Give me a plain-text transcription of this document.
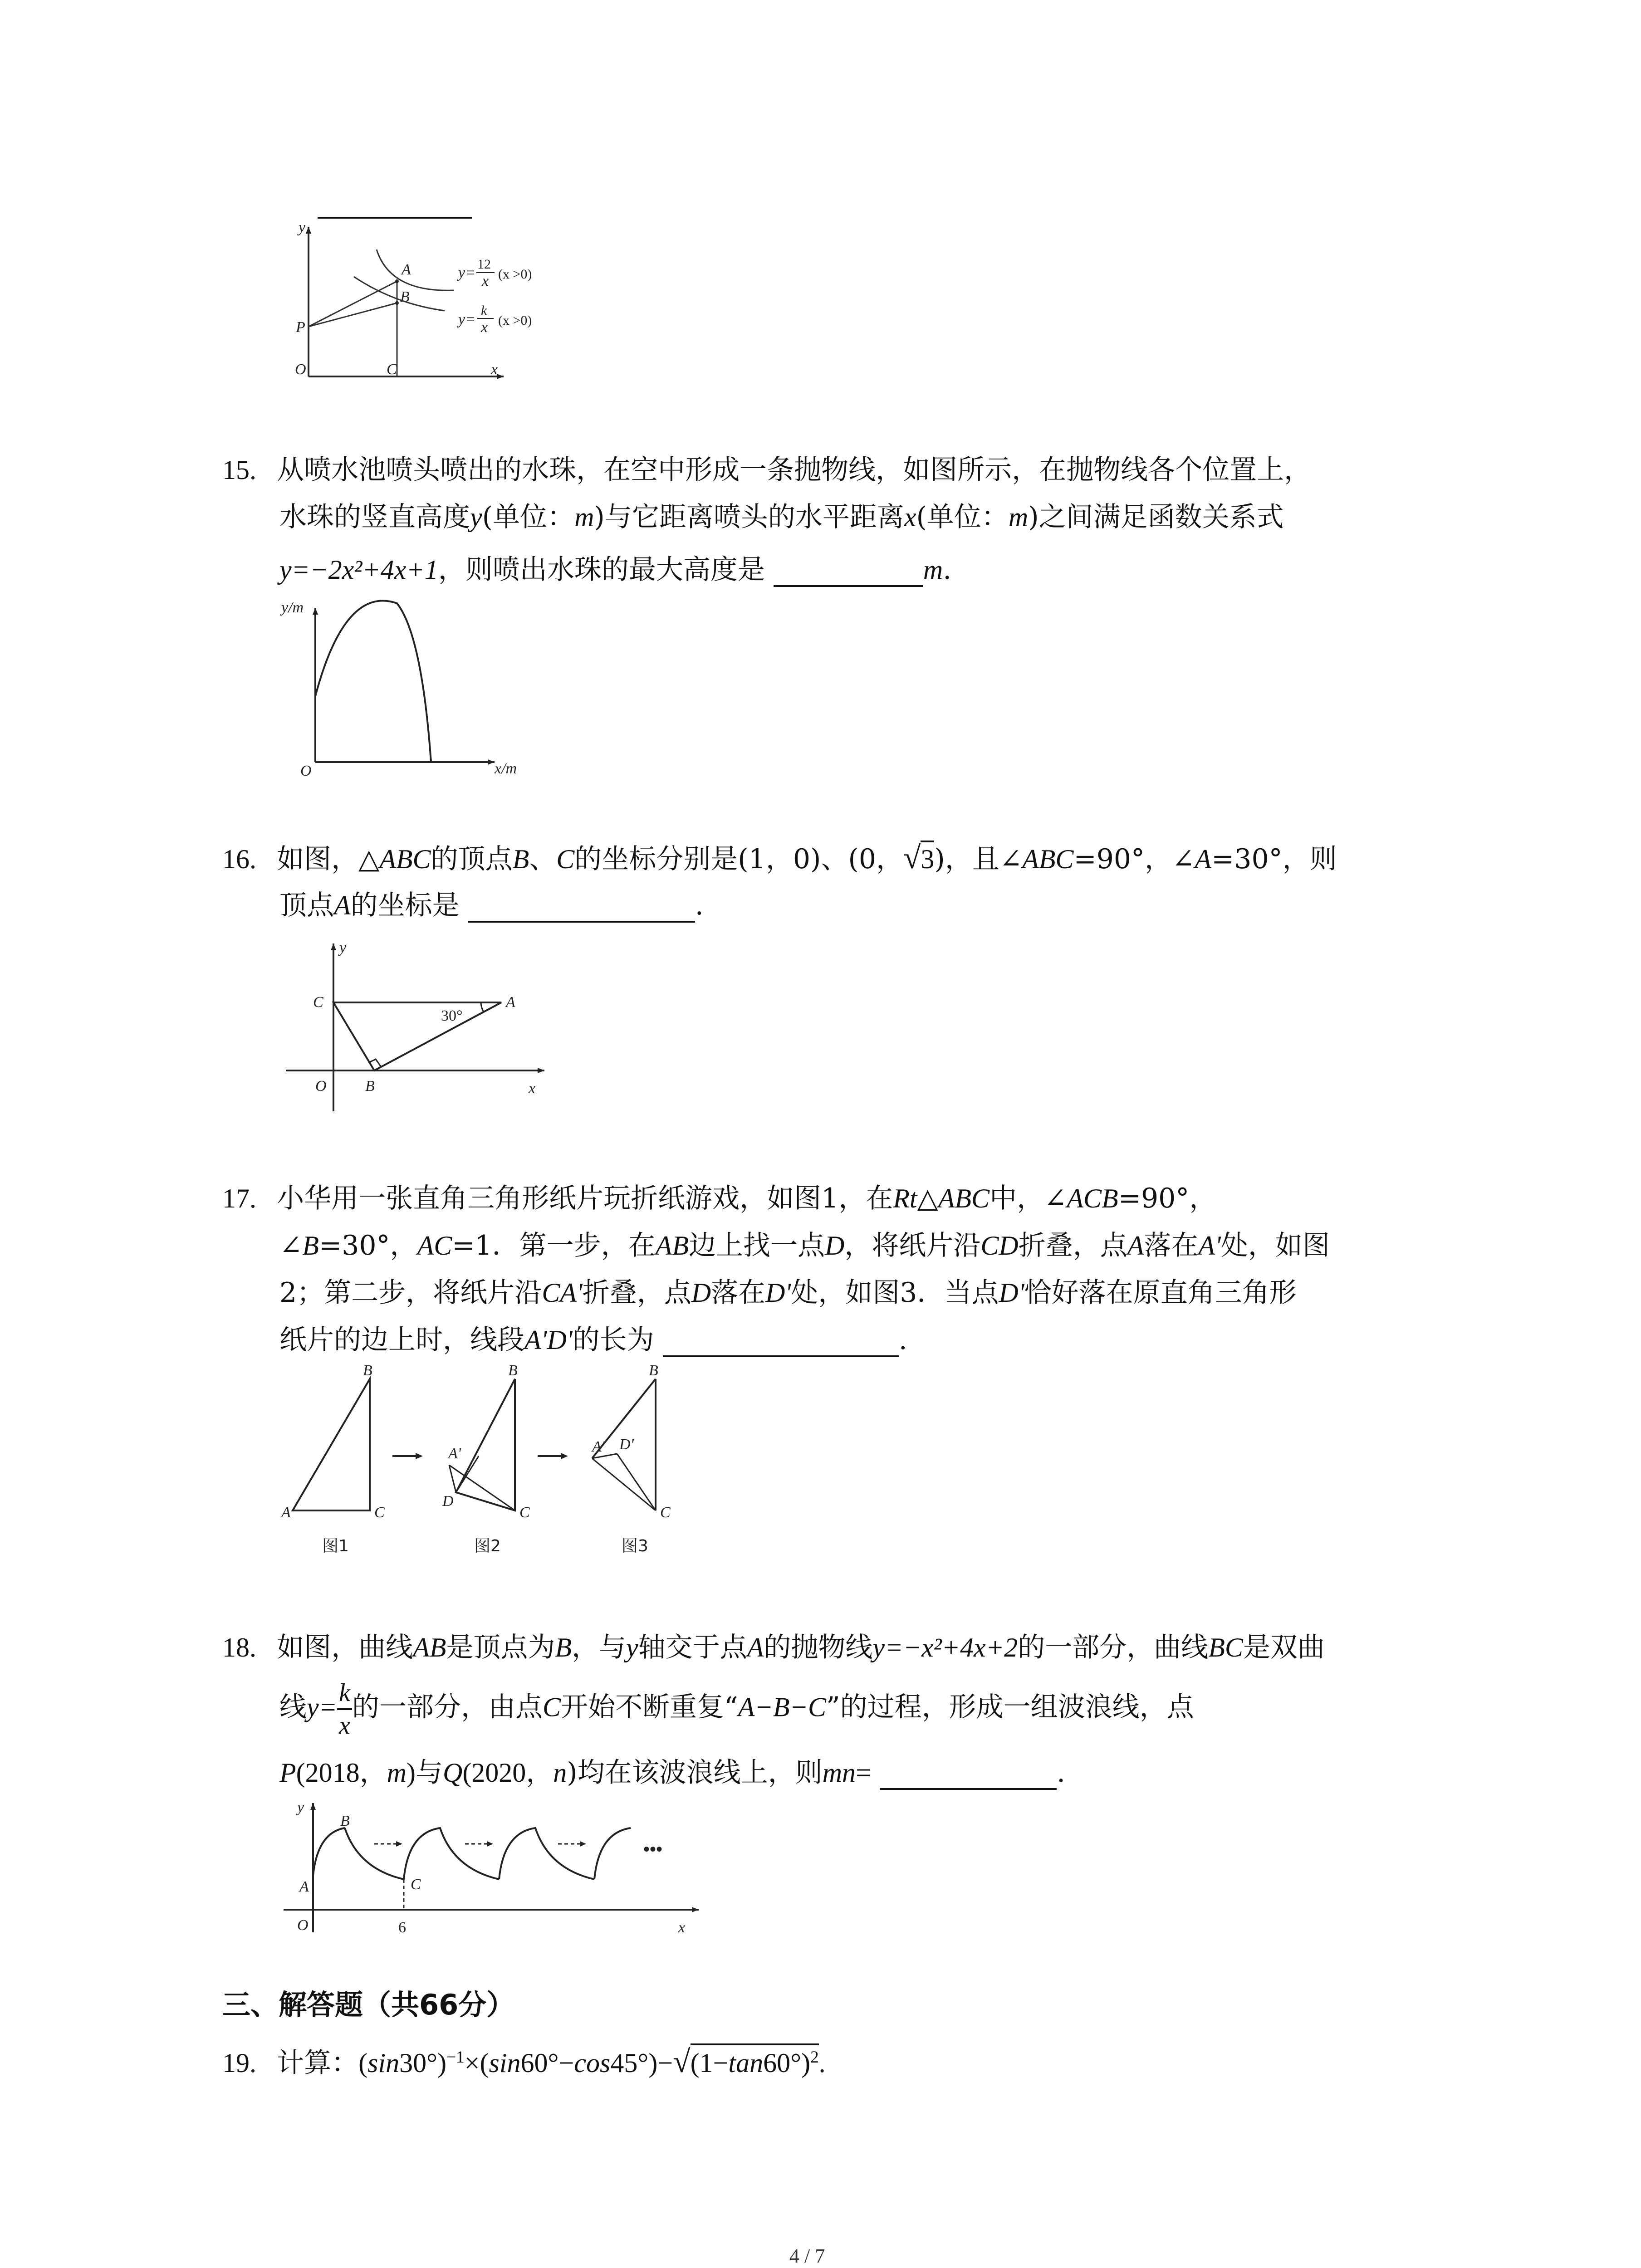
y
O	C	x
A
B
P
y=
12
x (x >0)
y=
k
x (x >0)
15. 从喷水池喷头喷出的水珠，在空中形成一条抛物线，如图所示，在抛物线各个位置上，
水珠的竖直高度y(单位：m)与它距离喷头的水平距离x(单位：m)之间满足函数关系式
y=−2x²+4x+1，则喷出水珠的最大高度是	m.
y/m
x/m
O
16. 如图，△ABC的顶点B、C的坐标分别是(1，0)、(0，√3)，且∠ABC=90°，∠A=30°，则
顶点A的坐标是	.
y
x
O	B
C	A
30°
17. 小华用一张直角三角形纸片玩折纸游戏，如图1，在Rt△ABC中，∠ACB=90°，
∠B=30°，AC=1．第一步，在AB边上找一点D，将纸片沿CD折叠，点A落在A'处，如图
2；第二步，将纸片沿CA'折叠，点D落在D'处，如图3．当点D'恰好落在原直角三角形
纸片的边上时，线段A'D'的长为	.
B
A	C
图1
B
A'
D
C
图2
B
A' D'
C
图3
18. 如图，曲线AB是顶点为B，与y轴交于点A的抛物线y=−x²+4x+2的一部分，曲线BC是双曲
线$y= \frac{k}{x}$ 的一部分，由点C开始不断重复“A−B−C”的过程，形成一组波浪线，点
P(2018，m)与Q(2020，n)均在该波浪线上，则mn=	.
y
x
O
A
B
C
6
•••
三、解答题（共66分）
19. 计算：$(\sin 30^\circ)^{-1}\times(\sin 60^\circ-\cos 45^\circ)-√(1-\tan 60^\circ)^2$.
4 / 7
